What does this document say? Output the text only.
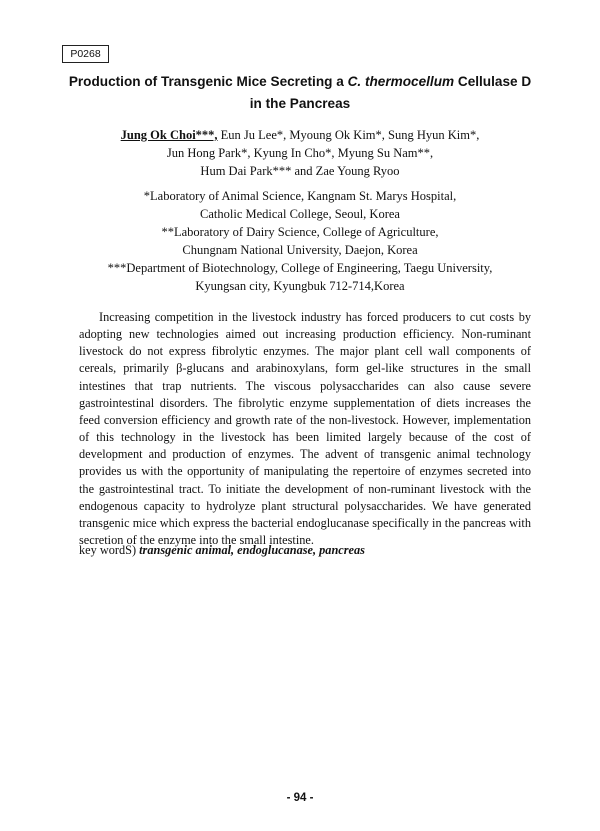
P0268
Production of Transgenic Mice Secreting a C. thermocellum Cellulase D
in the Pancreas
Jung Ok Choi***, Eun Ju Lee*, Myoung Ok Kim*, Sung Hyun Kim*,
Jun Hong Park*, Kyung In Cho*, Myung Su Nam**,
Hum Dai Park*** and Zae Young Ryoo
*Laboratory of Animal Science, Kangnam St. Marys Hospital,
Catholic Medical College, Seoul, Korea
**Laboratory of Dairy Science, College of Agriculture,
Chungnam National University, Daejon, Korea
***Department of Biotechnology, College of Engineering, Taegu University,
Kyungsan city, Kyungbuk 712-714,Korea

Increasing competition in the livestock industry has forced producers to cut costs by adopting new technologies aimed out increasing production efficiency. Non-ruminant livestock do not express fibrolytic enzymes. The major plant cell wall components of cereals, primarily β-glucans and arabinoxylans, form gel-like structures in the small intestines that trap nutrients. The viscous polysaccharides can also cause severe gastrointestinal disorders. The fibrolytic enzyme supplementation of diets increases the feed conversion efficiency and growth rate of the non-livestock. However, implementation of this technology in the livestock has been limited largely because of the cost of development and production of enzymes. The advent of transgenic animal technology provides us with the opportunity of manipulating the repertoire of enzymes secreted into the gastrointestinal tract. To initiate the development of non-ruminant livestock with the endogenous capacity to hydrolyze plant structural polysaccharides. We have generated transgenic mice which express the bacterial endoglucanase specifically in the pancreas with secretion of the enzyme into the small intestine.

key wordS) transgenic animal, endoglucanase, pancreas
- 94 -
